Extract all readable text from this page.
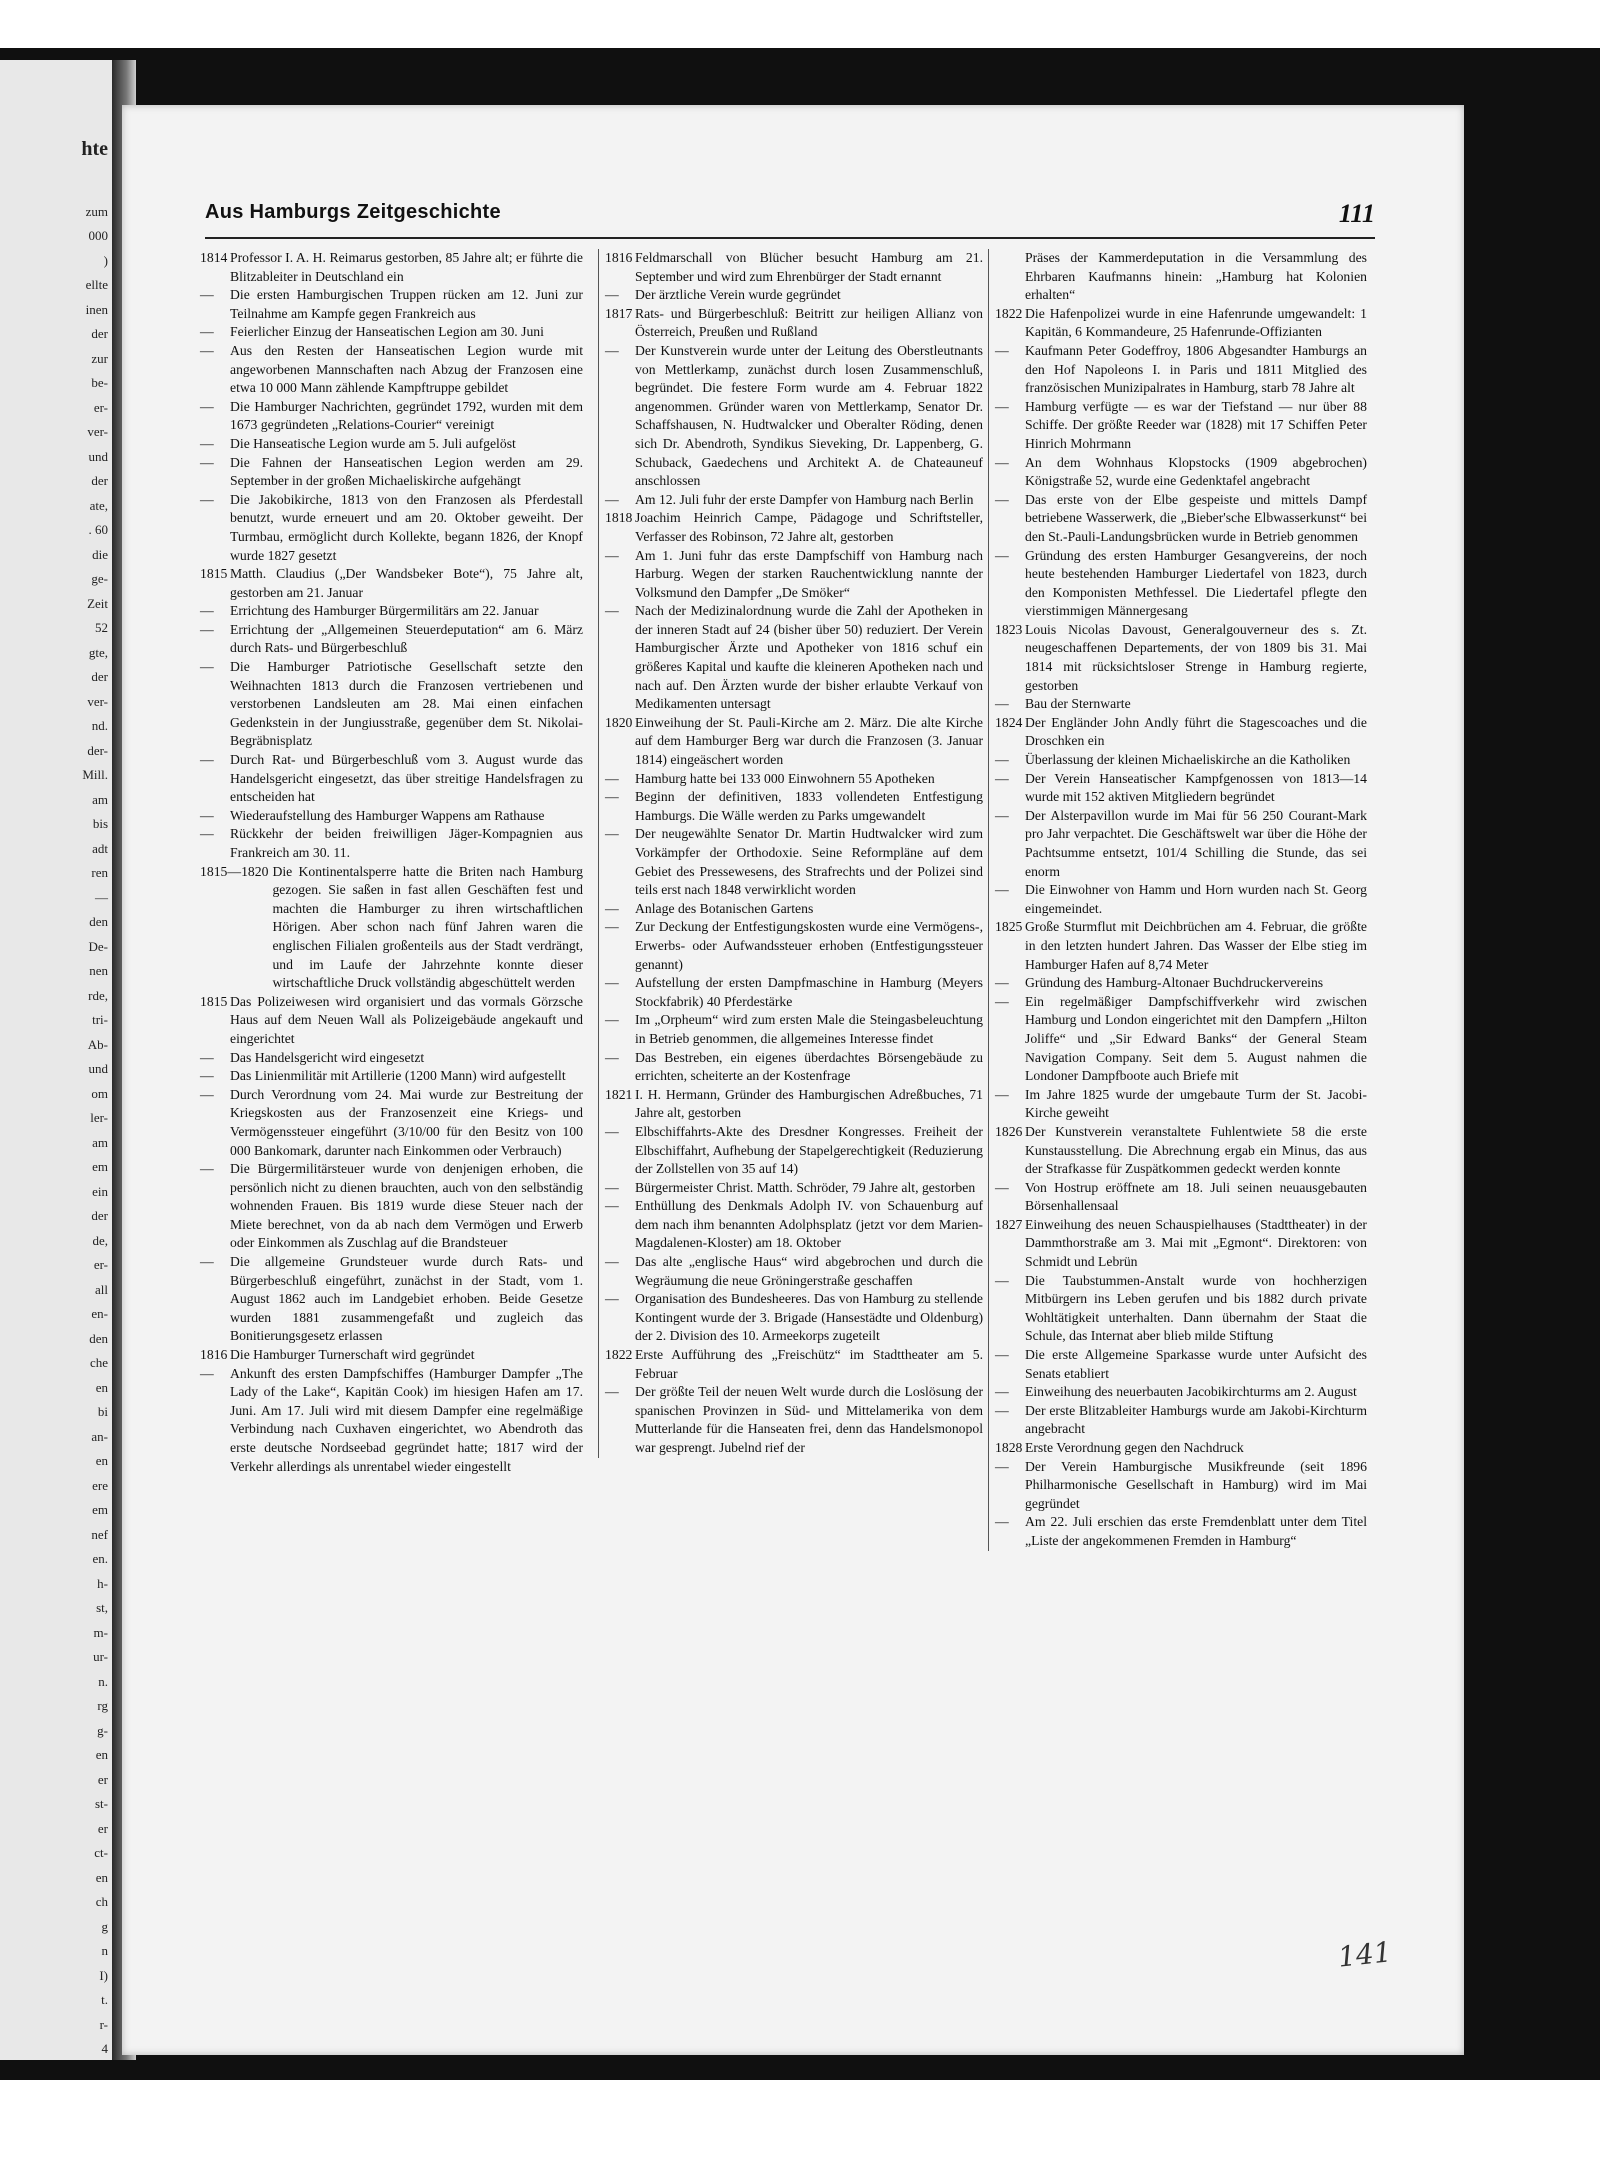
hte
zum
000
)
ellte
inen
der
zur
be-
er-
ver-
und
der
ate,
. 60
die
ge-
Zeit
52
gte,
der
ver-
nd.
der-
Mill.
am
bis
adt
ren
—
den
De-
nen
rde,
tri-
Ab-
und
om
ler-
am
em
ein
der
de,
er-
all
en-
den
che
en
bi
an-
en
ere
em
nef
en.
h-
st,
m-
ur-
n.
rg
g-
en
er
st-
er
ct-
en
ch
g
n
I)
t.
r-
4
Aus Hamburgs Zeitgeschichte	111
1814 Professor I. A. H. Reimarus gestorben, 85 Jahre alt; er führte die Blitzableiter in Deutschland ein
—	Die ersten Hamburgischen Truppen rücken am 12. Juni zur Teilnahme am Kampfe gegen Frankreich aus
—	Feierlicher Einzug der Hanseatischen Legion am 30. Juni
—	Aus den Resten der Hanseatischen Legion wurde mit angeworbenen Mannschaften nach Abzug der Franzosen eine etwa 10 000 Mann zählende Kampftruppe gebildet
—	Die Hamburger Nachrichten, gegründet 1792, wurden mit dem 1673 gegründeten „Relations-Courier“ vereinigt
—	Die Hanseatische Legion wurde am 5. Juli aufgelöst
—	Die Fahnen der Hanseatischen Legion werden am 29. September in der großen Michaeliskirche aufgehängt
—	Die Jakobikirche, 1813 von den Franzosen als Pferdestall benutzt, wurde erneuert und am 20. Oktober geweiht. Der Turmbau, ermöglicht durch Kollekte, begann 1826, der Knopf wurde 1827 gesetzt
1815 Matth. Claudius („Der Wandsbeker Bote“), 75 Jahre alt, gestorben am 21. Januar
—	Errichtung des Hamburger Bürgermilitärs am 22. Januar
—	Errichtung der „Allgemeinen Steuerdeputation“ am 6. März durch Rats- und Bürgerbeschluß
—	Die Hamburger Patriotische Gesellschaft setzte den Weihnachten 1813 durch die Franzosen vertriebenen und verstorbenen Landsleuten am 28. Mai einen einfachen Gedenkstein in der Jungiusstraße, gegenüber dem St. Nikolai-Begräbnisplatz
—	Durch Rat- und Bürgerbeschluß vom 3. August wurde das Handelsgericht eingesetzt, das über streitige Handelsfragen zu entscheiden hat
—	Wiederaufstellung des Hamburger Wappens am Rathause
—	Rückkehr der beiden freiwilligen Jäger-Kompagnien aus Frankreich am 30. 11.
1815—1820 Die Kontinentalsperre hatte die Briten nach Hamburg gezogen. Sie saßen in fast allen Geschäften fest und machten die Hamburger zu ihren wirtschaftlichen Hörigen. Aber schon nach fünf Jahren waren die englischen Filialen großenteils aus der Stadt verdrängt, und im Laufe der Jahrzehnte konnte dieser wirtschaftliche Druck vollständig abgeschüttelt werden
1815 Das Polizeiwesen wird organisiert und das vormals Görzsche Haus auf dem Neuen Wall als Polizeigebäude angekauft und eingerichtet
—	Das Handelsgericht wird eingesetzt
—	Das Linienmilitär mit Artillerie (1200 Mann) wird aufgestellt
—	Durch Verordnung vom 24. Mai wurde zur Bestreitung der Kriegskosten aus der Franzosenzeit eine Kriegs- und Vermögenssteuer eingeführt (3/10/00 für den Besitz von 100 000 Bankomark, darunter nach Einkommen oder Verbrauch)
—	Die Bürgermilitärsteuer wurde von denjenigen erhoben, die persönlich nicht zu dienen brauchten, auch von den selbständig wohnenden Frauen. Bis 1819 wurde diese Steuer nach der Miete berechnet, von da ab nach dem Vermögen und Erwerb oder Einkommen als Zuschlag auf die Brandsteuer
—	Die allgemeine Grundsteuer wurde durch Rats- und Bürgerbeschluß eingeführt, zunächst in der Stadt, vom 1. August 1862 auch im Landgebiet erhoben. Beide Gesetze wurden 1881 zusammengefaßt und zugleich das Bonitierungsgesetz erlassen
1816 Die Hamburger Turnerschaft wird gegründet
—	Ankunft des ersten Dampfschiffes (Hamburger Dampfer „The Lady of the Lake“, Kapitän Cook) im hiesigen Hafen am 17. Juni. Am 17. Juli wird mit diesem Dampfer eine regelmäßige Verbindung nach Cuxhaven eingerichtet, wo Abendroth das erste deutsche Nordseebad gegründet hatte; 1817 wird der Verkehr allerdings als unrentabel wieder eingestellt
1816 Feldmarschall von Blücher besucht Hamburg am 21. September und wird zum Ehrenbürger der Stadt ernannt
—	Der ärztliche Verein wurde gegründet
1817 Rats- und Bürgerbeschluß: Beitritt zur heiligen Allianz von Österreich, Preußen und Rußland
—	Der Kunstverein wurde unter der Leitung des Oberstleutnants von Mettlerkamp, zunächst durch losen Zusammenschluß, begründet. Die festere Form wurde am 4. Februar 1822 angenommen. Gründer waren von Mettlerkamp, Senator Dr. Schaffshausen, N. Hudtwalcker und Oberalter Röding, denen sich Dr. Abendroth, Syndikus Sieveking, Dr. Lappenberg, G. Schuback, Gaedechens und Architekt A. de Chateauneuf anschlossen
—	Am 12. Juli fuhr der erste Dampfer von Hamburg nach Berlin
1818 Joachim Heinrich Campe, Pädagoge und Schriftsteller, Verfasser des Robinson, 72 Jahre alt, gestorben
—	Am 1. Juni fuhr das erste Dampfschiff von Hamburg nach Harburg. Wegen der starken Rauchentwicklung nannte der Volksmund den Dampfer „De Smöker“
—	Nach der Medizinalordnung wurde die Zahl der Apotheken in der inneren Stadt auf 24 (bisher über 50) reduziert. Der Verein Hamburgischer Ärzte und Apotheker von 1816 schuf ein größeres Kapital und kaufte die kleineren Apotheken nach und nach auf. Den Ärzten wurde der bisher erlaubte Verkauf von Medikamenten untersagt
1820 Einweihung der St. Pauli-Kirche am 2. März. Die alte Kirche auf dem Hamburger Berg war durch die Franzosen (3. Januar 1814) eingeäschert worden
—	Hamburg hatte bei 133 000 Einwohnern 55 Apotheken
—	Beginn der definitiven, 1833 vollendeten Entfestigung Hamburgs. Die Wälle werden zu Parks umgewandelt
—	Der neugewählte Senator Dr. Martin Hudtwalcker wird zum Vorkämpfer der Orthodoxie. Seine Reformpläne auf dem Gebiet des Pressewesens, des Strafrechts und der Polizei sind teils erst nach 1848 verwirklicht worden
—	Anlage des Botanischen Gartens
—	Zur Deckung der Entfestigungskosten wurde eine Vermögens-, Erwerbs- oder Aufwandssteuer erhoben (Entfestigungssteuer genannt)
—	Aufstellung der ersten Dampfmaschine in Hamburg (Meyers Stockfabrik) 40 Pferdestärke
—	Im „Orpheum“ wird zum ersten Male die Steingasbeleuchtung in Betrieb genommen, die allgemeines Interesse findet
—	Das Bestreben, ein eigenes überdachtes Börsengebäude zu errichten, scheiterte an der Kostenfrage
1821 I. H. Hermann, Gründer des Hamburgischen Adreßbuches, 71 Jahre alt, gestorben
—	Elbschiffahrts-Akte des Dresdner Kongresses. Freiheit der Elbschiffahrt, Aufhebung der Stapelgerechtigkeit (Reduzierung der Zollstellen von 35 auf 14)
—	Bürgermeister Christ. Matth. Schröder, 79 Jahre alt, gestorben
—	Enthüllung des Denkmals Adolph IV. von Schauenburg auf dem nach ihm benannten Adolphsplatz (jetzt vor dem Marien-Magdalenen-Kloster) am 18. Oktober
—	Das alte „englische Haus“ wird abgebrochen und durch die Wegräumung die neue Gröningerstraße geschaffen
—	Organisation des Bundesheeres. Das von Hamburg zu stellende Kontingent wurde der 3. Brigade (Hansestädte und Oldenburg) der 2. Division des 10. Armeekorps zugeteilt
1822 Erste Aufführung des „Freischütz“ im Stadttheater am 5. Februar
—	Der größte Teil der neuen Welt wurde durch die Loslösung der spanischen Provinzen in Süd- und Mittelamerika von dem Mutterlande für die Hanseaten frei, denn das Handelsmonopol war gesprengt. Jubelnd rief der
Präses der Kammerdeputation in die Versammlung des Ehrbaren Kaufmanns hinein: „Hamburg hat Kolonien erhalten“
1822 Die Hafenpolizei wurde in eine Hafenrunde umgewandelt: 1 Kapitän, 6 Kommandeure, 25 Hafenrunde-Offizianten
—	Kaufmann Peter Godeffroy, 1806 Abgesandter Hamburgs an den Hof Napoleons I. in Paris und 1811 Mitglied des französischen Munizipalrates in Hamburg, starb 78 Jahre alt
—	Hamburg verfügte — es war der Tiefstand — nur über 88 Schiffe. Der größte Reeder war (1828) mit 17 Schiffen Peter Hinrich Mohrmann
—	An dem Wohnhaus Klopstocks (1909 abgebrochen) Königstraße 52, wurde eine Gedenktafel angebracht
—	Das erste von der Elbe gespeiste und mittels Dampf betriebene Wasserwerk, die „Bieber'sche Elbwasserkunst“ bei den St.-Pauli-Landungsbrücken wurde in Betrieb genommen
—	Gründung des ersten Hamburger Gesangvereins, der noch heute bestehenden Hamburger Liedertafel von 1823, durch den Komponisten Methfessel. Die Liedertafel pflegte den vierstimmigen Männergesang
1823 Louis Nicolas Davoust, Generalgouverneur des s. Zt. neugeschaffenen Departements, der von 1809 bis 31. Mai 1814 mit rücksichtsloser Strenge in Hamburg regierte, gestorben
—	Bau der Sternwarte
1824 Der Engländer John Andly führt die Stagescoaches und die Droschken ein
—	Überlassung der kleinen Michaeliskirche an die Katholiken
—	Der Verein Hanseatischer Kampfgenossen von 1813—14 wurde mit 152 aktiven Mitgliedern begründet
—	Der Alsterpavillon wurde im Mai für 56 250 Courant-Mark pro Jahr verpachtet. Die Geschäftswelt war über die Höhe der Pachtsumme entsetzt, 101/4 Schilling die Stunde, das sei enorm
—	Die Einwohner von Hamm und Horn wurden nach St. Georg eingemeindet.
1825 Große Sturmflut mit Deichbrüchen am 4. Februar, die größte in den letzten hundert Jahren. Das Wasser der Elbe stieg im Hamburger Hafen auf 8,74 Meter
—	Gründung des Hamburg-Altonaer Buchdruckervereins
—	Ein regelmäßiger Dampfschiffverkehr wird zwischen Hamburg und London eingerichtet mit den Dampfern „Hilton Joliffe“ und „Sir Edward Banks“ der General Steam Navigation Company. Seit dem 5. August nahmen die Londoner Dampfboote auch Briefe mit
—	Im Jahre 1825 wurde der umgebaute Turm der St. Jacobi-Kirche geweiht
1826 Der Kunstverein veranstaltete Fuhlentwiete 58 die erste Kunstausstellung. Die Abrechnung ergab ein Minus, das aus der Strafkasse für Zuspätkommen gedeckt werden konnte
—	Von Hostrup eröffnete am 18. Juli seinen neuausgebauten Börsenhallensaal
1827 Einweihung des neuen Schauspielhauses (Stadttheater) in der Dammthorstraße am 3. Mai mit „Egmont“. Direktoren: von Schmidt und Lebrün
—	Die Taubstummen-Anstalt wurde von hochherzigen Mitbürgern ins Leben gerufen und bis 1882 durch private Wohltätigkeit unterhalten. Dann übernahm der Staat die Schule, das Internat aber blieb milde Stiftung
—	Die erste Allgemeine Sparkasse wurde unter Aufsicht des Senats etabliert
—	Einweihung des neuerbauten Jacobikirchturms am 2. August
—	Der erste Blitzableiter Hamburgs wurde am Jakobi-Kirchturm angebracht
1828 Erste Verordnung gegen den Nachdruck
—	Der Verein Hamburgische Musikfreunde (seit 1896 Philharmonische Gesellschaft in Hamburg) wird im Mai gegründet
—	Am 22. Juli erschien das erste Fremdenblatt unter dem Titel „Liste der angekommenen Fremden in Hamburg“
141
